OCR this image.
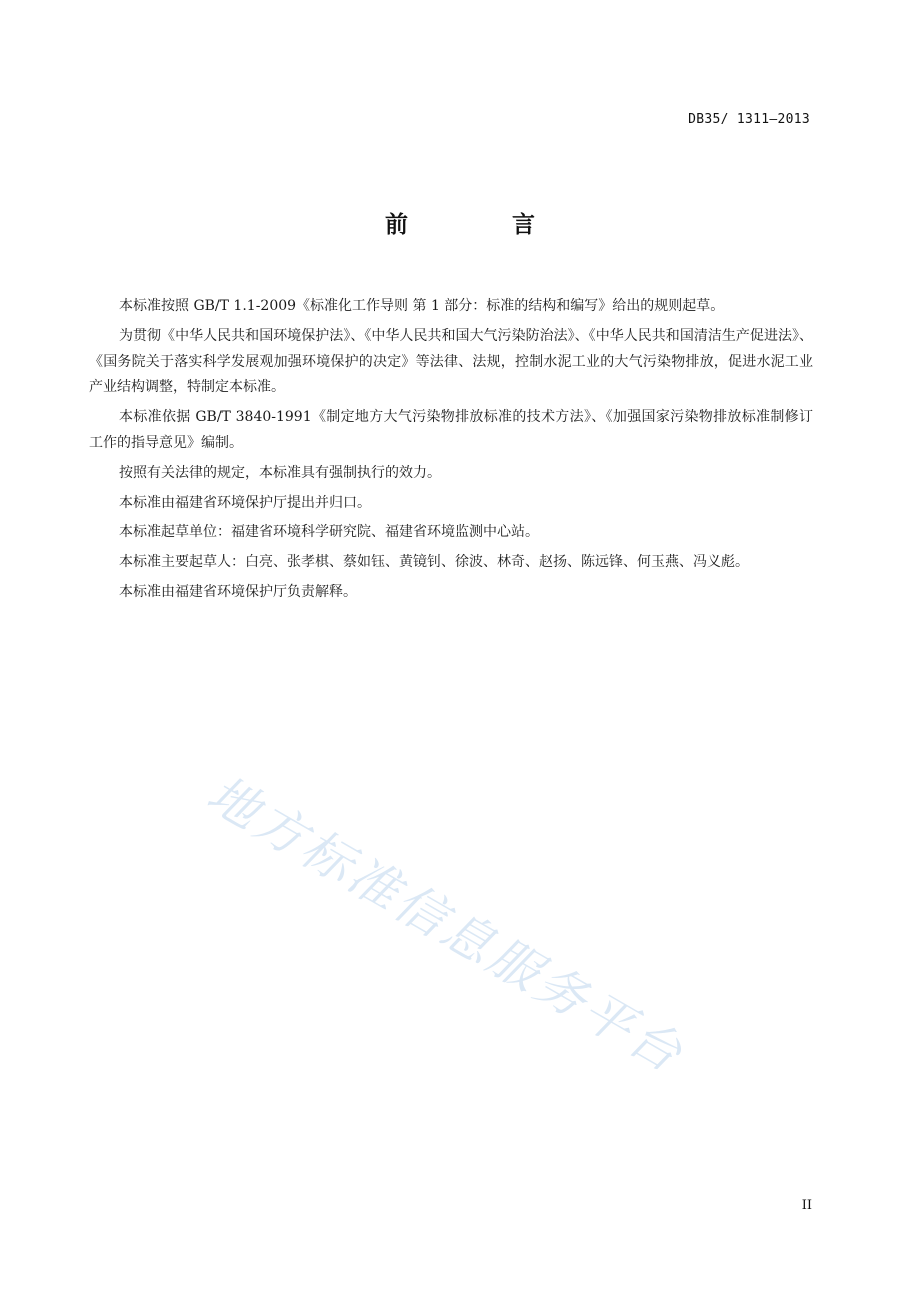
DB35/ 1311—2013
前 言

本标准按照 GB/T 1.1-2009《标准化工作导则 第 1 部分：标准的结构和编写》给出的规则起草。

为贯彻《中华人民共和国环境保护法》、《中华人民共和国大气污染防治法》、《中华人民共和国清洁生产促进法》、《国务院关于落实科学发展观加强环境保护的决定》等法律、法规，控制水泥工业的大气污染物排放，促进水泥工业产业结构调整，特制定本标准。

本标准依据 GB/T 3840-1991《制定地方大气污染物排放标准的技术方法》、《加强国家污染物排放标准制修订工作的指导意见》编制。

按照有关法律的规定，本标准具有强制执行的效力。

本标准由福建省环境保护厅提出并归口。

本标准起草单位：福建省环境科学研究院、福建省环境监测中心站。

本标准主要起草人：白亮、张孝棋、蔡如钰、黄镜钊、徐波、林奇、赵扬、陈远锋、何玉燕、冯义彪。

本标准由福建省环境保护厅负责解释。

地方标准信息服务平台
II
